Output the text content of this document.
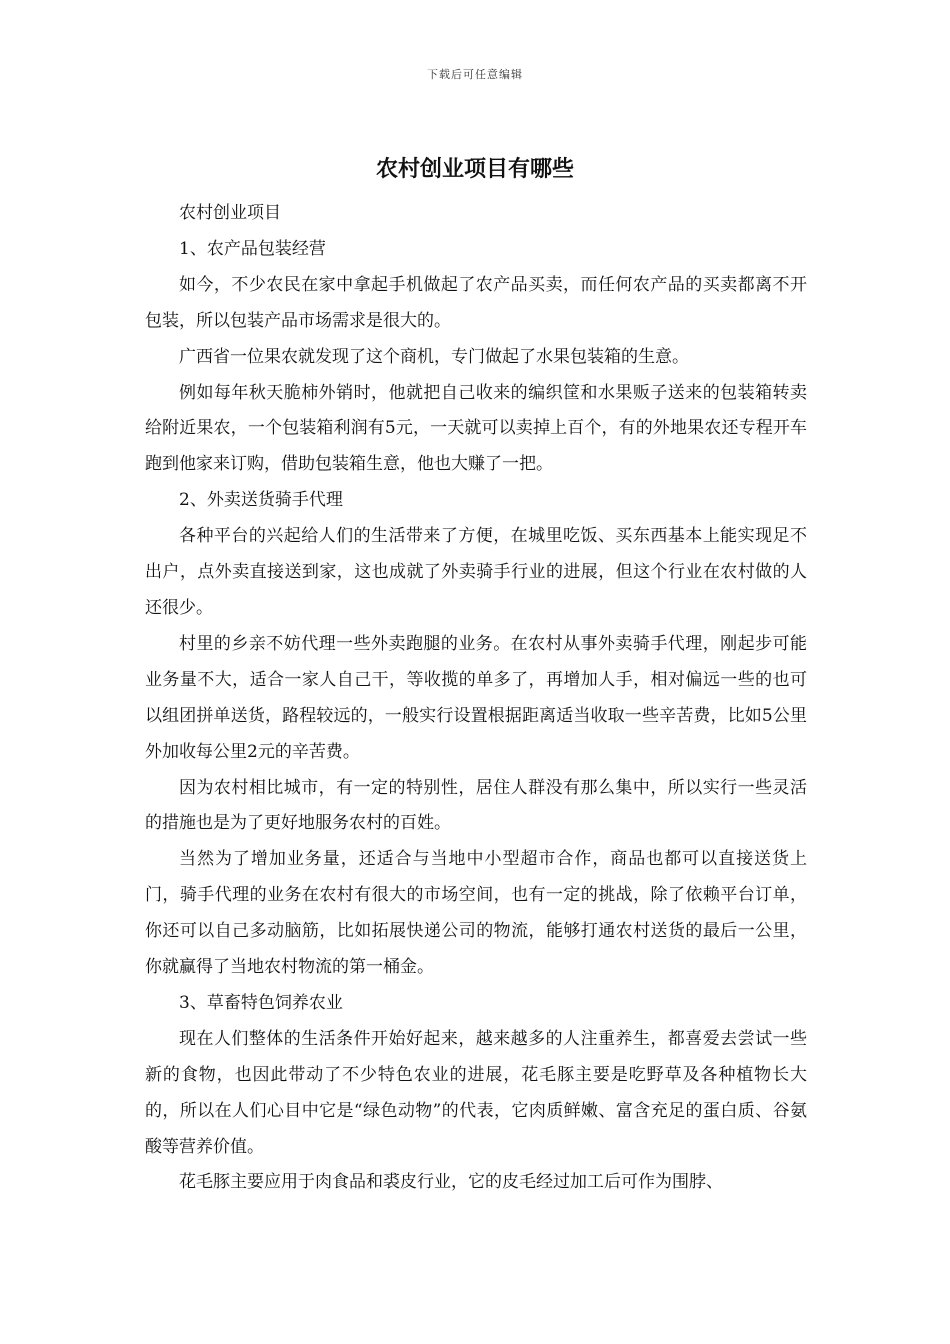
下载后可任意编辑
农村创业项目有哪些

农村创业项目

1、农产品包装经营

如今，不少农民在家中拿起手机做起了农产品买卖，而任何农产品的买卖都离不开包装，所以包装产品市场需求是很大的。

广西省一位果农就发现了这个商机，专门做起了水果包装箱的生意。

例如每年秋天脆柿外销时，他就把自己收来的编织筐和水果贩子送来的包装箱转卖给附近果农，一个包装箱利润有5元，一天就可以卖掉上百个，有的外地果农还专程开车跑到他家来订购，借助包装箱生意，他也大赚了一把。

2、外卖送货骑手代理

各种平台的兴起给人们的生活带来了方便，在城里吃饭、买东西基本上能实现足不出户，点外卖直接送到家，这也成就了外卖骑手行业的进展，但这个行业在农村做的人还很少。

村里的乡亲不妨代理一些外卖跑腿的业务。在农村从事外卖骑手代理，刚起步可能业务量不大，适合一家人自己干，等收揽的单多了，再增加人手，相对偏远一些的也可以组团拼单送货，路程较远的，一般实行设置根据距离适当收取一些辛苦费，比如5公里外加收每公里2元的辛苦费。

因为农村相比城市，有一定的特别性，居住人群没有那么集中，所以实行一些灵活的措施也是为了更好地服务农村的百姓。

当然为了增加业务量，还适合与当地中小型超市合作，商品也都可以直接送货上门，骑手代理的业务在农村有很大的市场空间，也有一定的挑战，除了依赖平台订单，你还可以自己多动脑筋，比如拓展快递公司的物流，能够打通农村送货的最后一公里，你就赢得了当地农村物流的第一桶金。

3、草畜特色饲养农业

现在人们整体的生活条件开始好起来，越来越多的人注重养生，都喜爱去尝试一些新的食物，也因此带动了不少特色农业的进展，花毛豚主要是吃野草及各种植物长大的，所以在人们心目中它是“绿色动物”的代表，它肉质鲜嫩、富含充足的蛋白质、谷氨酸等营养价值。

花毛豚主要应用于肉食品和裘皮行业，它的皮毛经过加工后可作为围脖、
